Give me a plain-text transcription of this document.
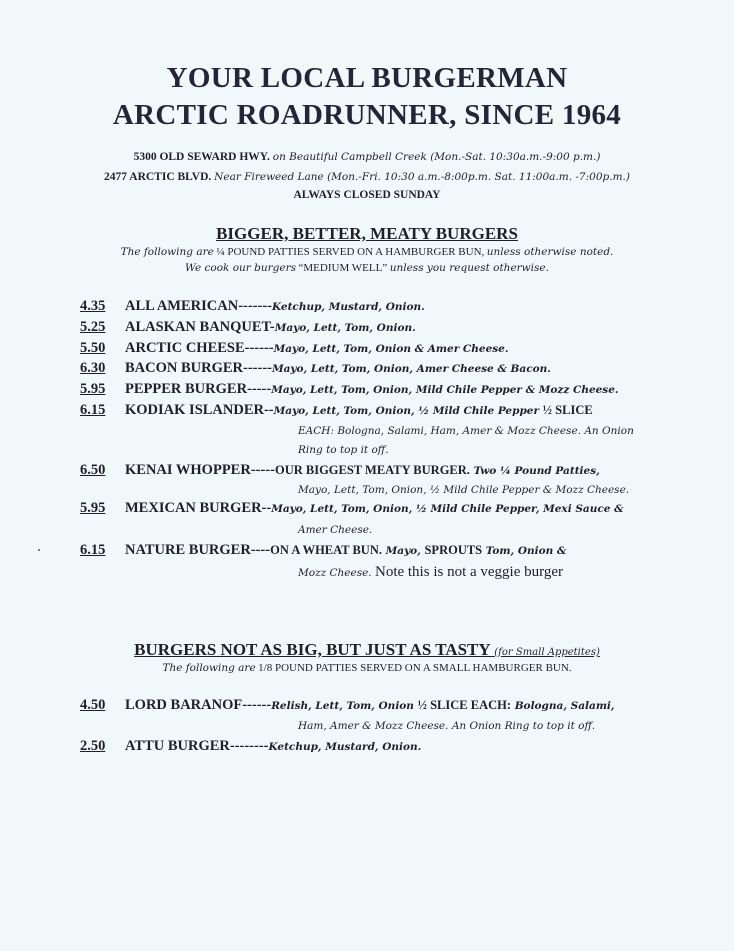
YOUR LOCAL BURGERMAN
ARCTIC ROADRUNNER, SINCE 1964
5300 OLD SEWARD HWY. on Beautiful Campbell Creek (Mon.-Sat. 10:30a.m.-9:00 p.m.)
2477 ARCTIC BLVD. Near Fireweed Lane (Mon.-Fri. 10:30 a.m.-8:00p.m. Sat. 11:00a.m. -7:00p.m.)
ALWAYS CLOSED SUNDAY
BIGGER, BETTER, MEATY BURGERS
The following are ¼ POUND PATTIES SERVED ON A HAMBURGER BUN, unless otherwise noted.
We cook our burgers “MEDIUM WELL” unless you request otherwise.
4.35 ALL AMERICAN-------Ketchup, Mustard, Onion.
5.25 ALASKAN BANQUET-Mayo, Lett, Tom, Onion.
5.50 ARCTIC CHEESE------Mayo, Lett, Tom, Onion & Amer Cheese.
6.30 BACON BURGER------Mayo, Lett, Tom, Onion, Amer Cheese & Bacon.
5.95 PEPPER BURGER-----Mayo, Lett, Tom, Onion, Mild Chile Pepper & Mozz Cheese.
6.15 KODIAK ISLANDER--Mayo, Lett, Tom, Onion, ½ Mild Chile Pepper ½ SLICE
EACH: Bologna, Salami, Ham, Amer & Mozz Cheese. An Onion
Ring to top it off.
6.50 KENAI WHOPPER-----OUR BIGGEST MEATY BURGER. Two ¼ Pound Patties,
Mayo, Lett, Tom, Onion, ½ Mild Chile Pepper & Mozz Cheese.
5.95 MEXICAN BURGER--Mayo, Lett, Tom, Onion, ½ Mild Chile Pepper, Mexi Sauce &
Amer Cheese.
6.15 NATURE BURGER----ON A WHEAT BUN. Mayo, SPROUTS Tom, Onion &
Mozz Cheese. Note this is not a veggie burger
BURGERS NOT AS BIG, BUT JUST AS TASTY (for Small Appetites)
The following are 1/8 POUND PATTIES SERVED ON A SMALL HAMBURGER BUN.
4.50 LORD BARANOF------Relish, Lett, Tom, Onion ½ SLICE EACH: Bologna, Salami,
Ham, Amer & Mozz Cheese. An Onion Ring to top it off.
2.50 ATTU BURGER--------Ketchup, Mustard, Onion.
